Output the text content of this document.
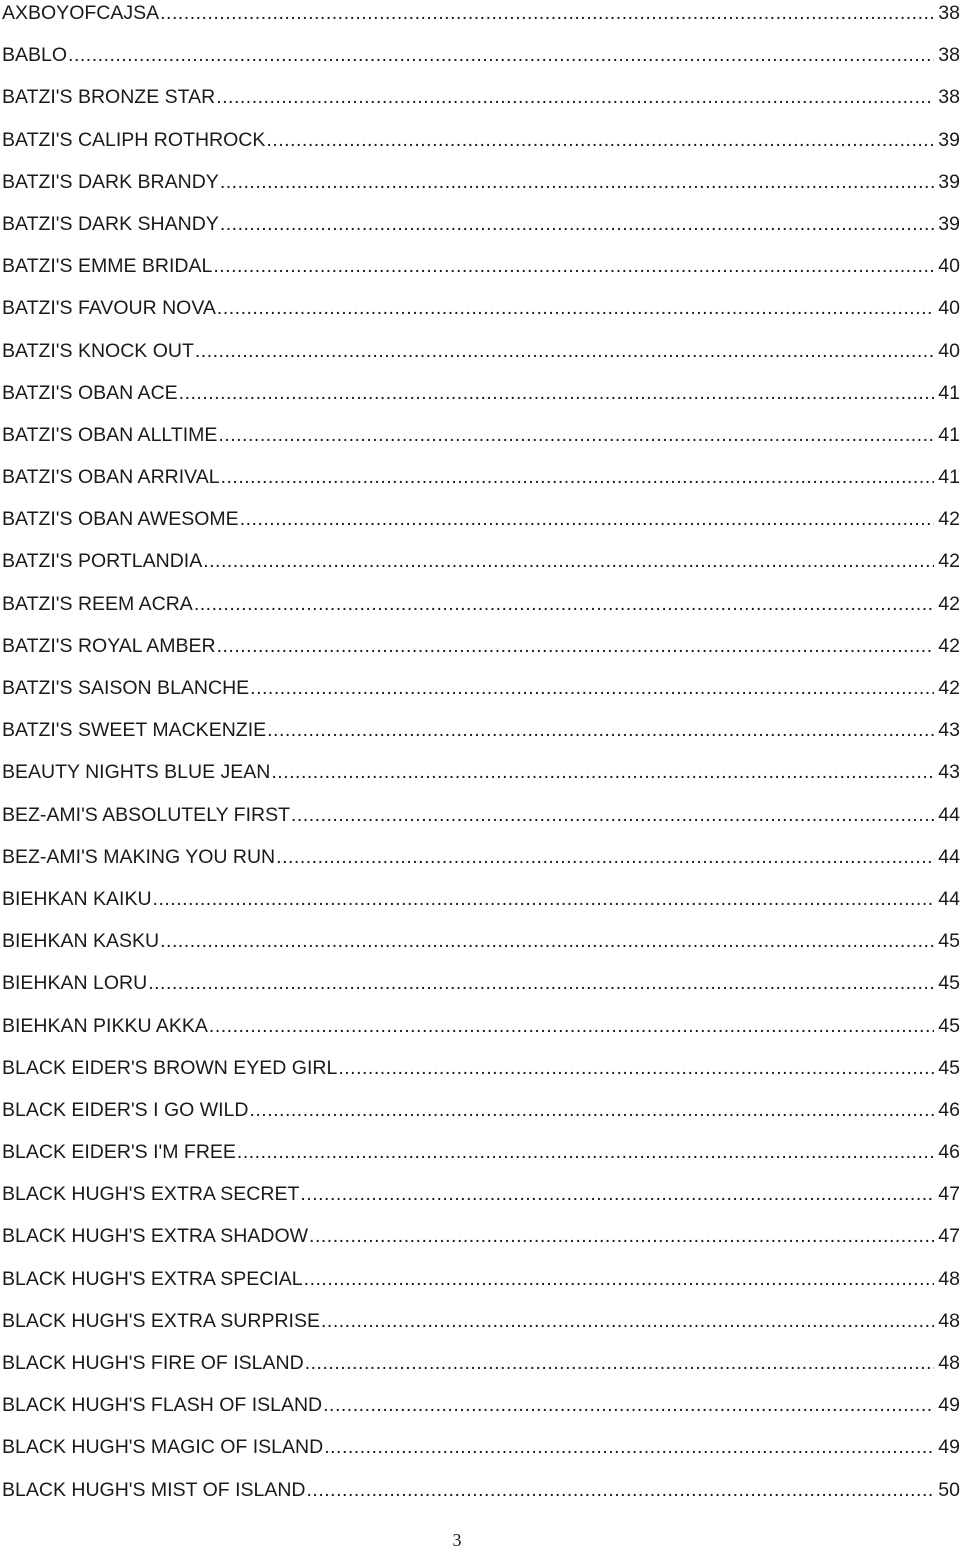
AXBOYOFCAJSA .....	38
BABLO .....	38
BATZI'S BRONZE STAR .....	38
BATZI'S CALIPH ROTHROCK .....	39
BATZI'S DARK BRANDY .....	39
BATZI'S DARK SHANDY .....	39
BATZI'S EMME BRIDAL .....	40
BATZI'S FAVOUR NOVA .....	40
BATZI'S KNOCK OUT .....	40
BATZI'S OBAN ACE .....	41
BATZI'S OBAN ALLTIME .....	41
BATZI'S OBAN ARRIVAL .....	41
BATZI'S OBAN AWESOME .....	42
BATZI'S PORTLANDIA .....	42
BATZI'S REEM ACRA .....	42
BATZI'S ROYAL AMBER .....	42
BATZI'S SAISON BLANCHE .....	42
BATZI'S SWEET MACKENZIE .....	43
BEAUTY NIGHTS BLUE JEAN .....	43
BEZ-AMI'S ABSOLUTELY FIRST .....	44
BEZ-AMI'S MAKING YOU RUN .....	44
BIEHKAN KAIKU .....	44
BIEHKAN KASKU .....	45
BIEHKAN LORU .....	45
BIEHKAN PIKKU AKKA .....	45
BLACK EIDER'S BROWN EYED GIRL .....	45
BLACK EIDER'S I GO WILD .....	46
BLACK EIDER'S I'M FREE .....	46
BLACK HUGH'S EXTRA SECRET .....	47
BLACK HUGH'S EXTRA SHADOW .....	47
BLACK HUGH'S EXTRA SPECIAL .....	48
BLACK HUGH'S EXTRA SURPRISE .....	48
BLACK HUGH'S FIRE OF ISLAND .....	48
BLACK HUGH'S FLASH OF ISLAND .....	49
BLACK HUGH'S MAGIC OF ISLAND .....	49
BLACK HUGH'S MIST OF ISLAND .....	50
3
